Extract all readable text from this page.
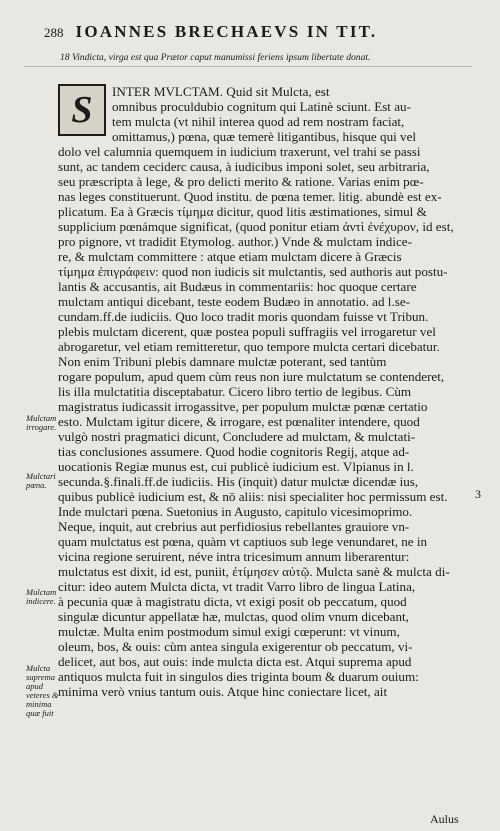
288 IOANNES BRECHAEVS IN TIT.
18 Vindicta, virga est qua Prætor caput manumissi feriens ipsum libertate donat.
S	INTER MVLCTAM. Quid sit Mulcta, est
omnibus proculdubio cognitum qui Latinè sciunt. Est au-
tem mulcta (vt nihil interea quod ad rem nostram faciat,
omittamus,) pœna, quæ temerè litigantibus, hisque qui vel
dolo vel calumnia quemquem in iudicium traxerunt, vel trahi se passi
sunt, ac tandem ceciderc causa, à iudicibus imponi solet, seu arbitraria,
seu præscripta à lege, & pro delicti merito & ratione. Varias enim pœ-
nas leges constituerunt. Quod institu. de pœna temer. litig. abundè est ex-
plicatum. Ea à Græcis τίμημα dicitur, quod litis æstimationes, simul &
supplicium pœnámque significat, (quod ponitur etiam ἀντὶ ἐνέχυρον, id est,
pro pignore, vt tradidit Etymolog. author.) Vnde & mulctam indice-
re, & mulctam committere : atque etiam mulctam dicere à Græcis
τίμημα ἐπιγράφειν: quod non iudicis sit mulctantis, sed authoris aut postu-
lantis & accusantis, ait Budæus in commentariis: hoc quoque certare
mulctam antiqui dicebant, teste eodem Budæo in annotatio. ad l.se-
cundam.ff.de iudiciis. Quo loco tradit moris quondam fuisse vt Tribun.
plebis mulctam dicerent, quæ postea populi suffragiis vel irrogaretur vel
abrogaretur, vel etiam remitteretur, quo tempore mulcta certari dicebatur.
Non enim Tribuni plebis damnare mulctæ poterant, sed tantùm
rogare populum, apud quem cùm reus non iure mulctatum se contenderet,
lis illa mulctatitia disceptabatur. Cicero libro tertio de legibus. Cùm
magistratus iudicassit irrogassitve, per populum mulctæ pœnæ certatio
esto. Mulctam igitur dicere, & irrogare, est pœnaliter intendere, quod
vulgò nostri pragmatici dicunt, Concludere ad mulctam, & mulctati-
tias conclusiones assumere. Quod hodie cognitoris Regij, atque ad-
uocationis Regiæ munus est, cui publicè iudicium est. Vlpianus in l.
secunda.§.finali.ff.de iudiciis. His (inquit) datur mulctæ dicendæ ius,
quibus publicè iudicium est, & nō aliis: nisi specialiter hoc permissum est.
Inde mulctari pœna. Suetonius in Augusto, capitulo vicesimoprimo.
Neque, inquit, aut crebrius aut perfidiosius rebellantes grauiore vn-
quam mulctatus est pœna, quàm vt captiuos sub lege venundaret, ne in
vicina regione seruirent, néve intra tricesimum annum liberarentur:
mulctatus est dixit, id est, puniit, ἐτίμησεν αὐτῷ. Mulcta sanè & mulcta di-
citur: ideo autem Mulcta dicta, vt tradit Varro libro de lingua Latina,
à pecunia quæ à magistratu dicta, vt exigi posit ob peccatum, quod
singulæ dicuntur appellatæ hæ, mulctas, quod olim vnum dicebant,
mulctæ. Multa enim postmodum simul exigi cœperunt: vt vinum,
oleum, bos, & ouis: cùm antea singula exigerentur ob peccatum, vi-
delicet, aut bos, aut ouis: inde mulcta dicta est. Atqui suprema apud
antiquos mulcta fuit in singulos dies triginta boum & duarum ouium:
minima verò vnius tantum ouis. Atque hinc coniectare licet, ait
Mulctam irrogare.
Mulctari pœna.
Mulctam indicere.
Mulcta suprema apud veteres & minima quæ fuit
3
Aulus
